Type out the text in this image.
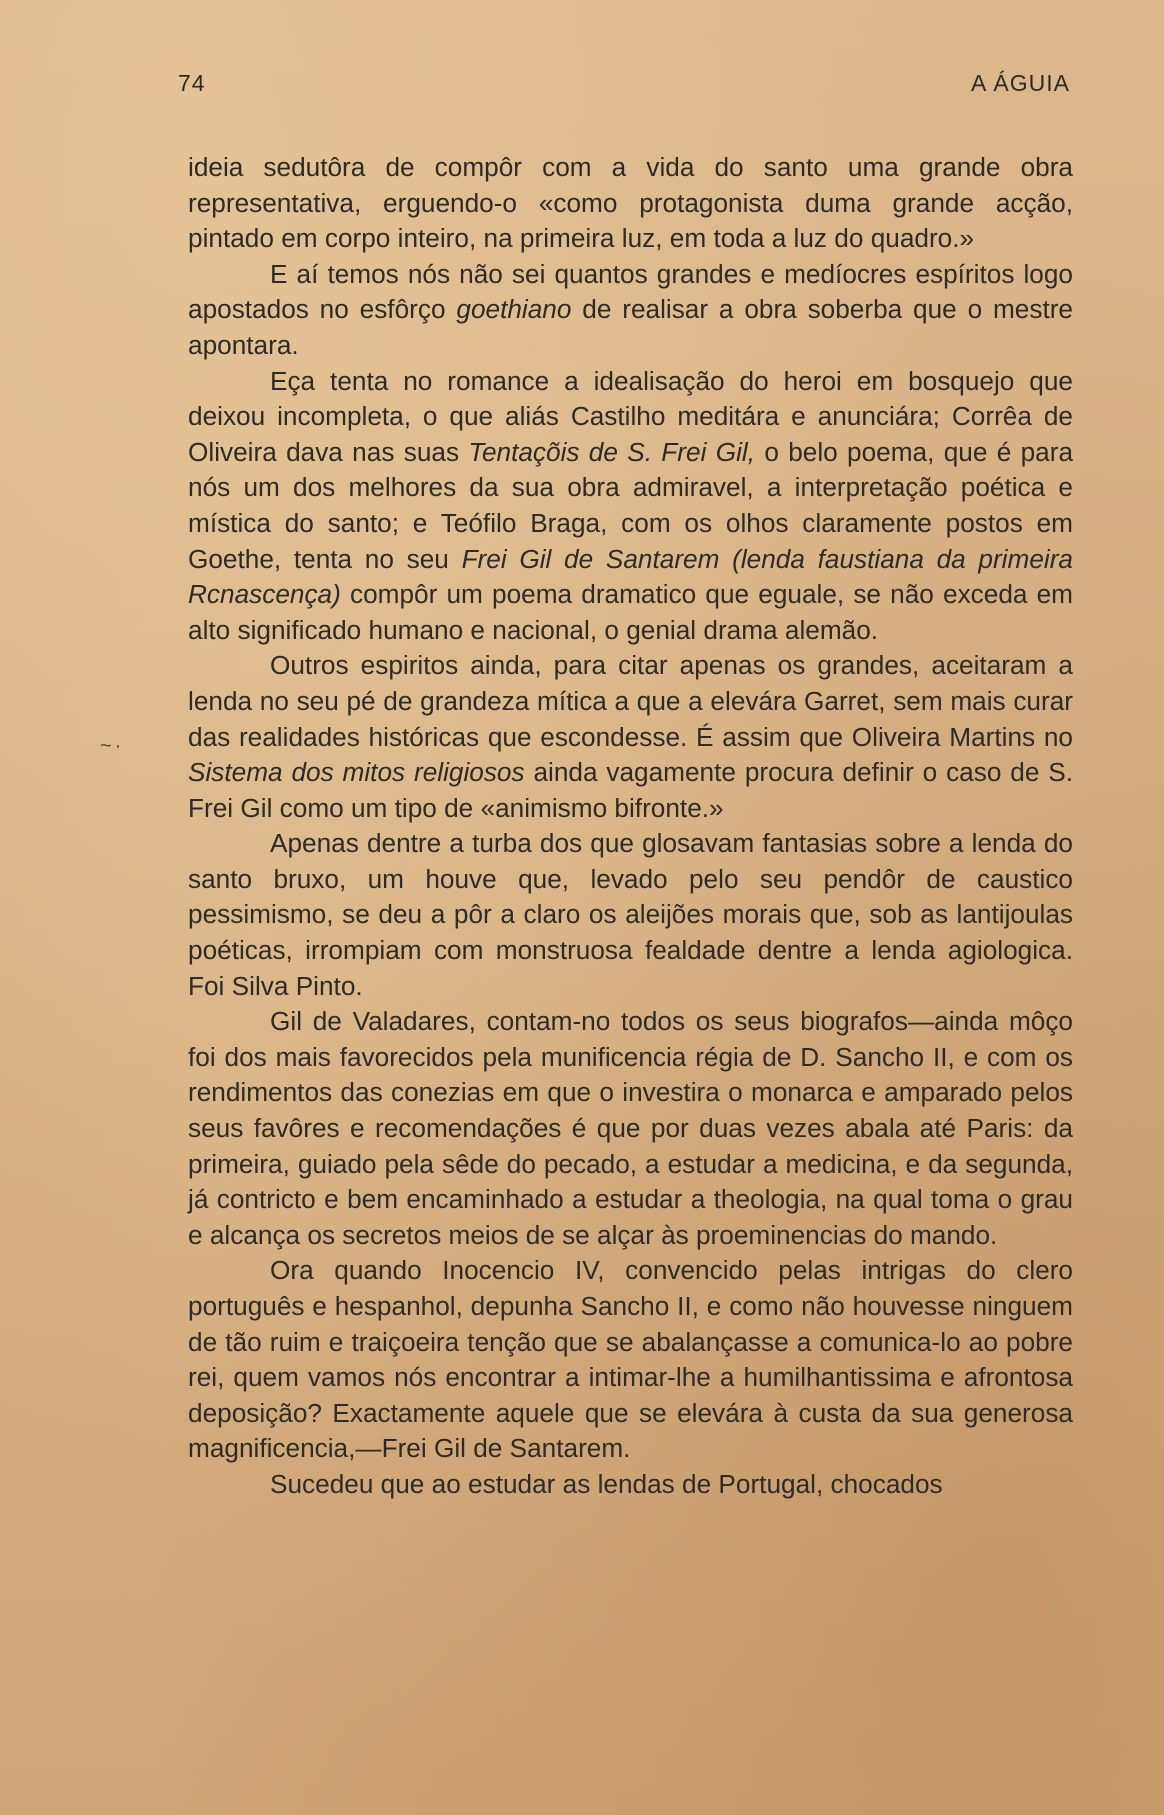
74	A ÁGUIA
~·

ideia sedutôra de compôr com a vida do santo uma grande obra representativa, erguendo-o «como protagonista duma grande acção, pintado em corpo inteiro, na primeira luz, em toda a luz do quadro.»

E aí temos nós não sei quantos grandes e medíocres espíritos logo apostados no esfôrço goethiano de realisar a obra soberba que o mestre apontara.

Eça tenta no romance a idealisação do heroi em bosquejo que deixou incompleta, o que aliás Castilho meditára e anunciára; Corrêa de Oliveira dava nas suas Tentaçõis de S. Frei Gil, o belo poema, que é para nós um dos melhores da sua obra admiravel, a interpretação poética e mística do santo; e Teófilo Braga, com os olhos claramente postos em Goethe, tenta no seu Frei Gil de Santarem (lenda faustiana da primeira Rcnascença) compôr um poema dramatico que eguale, se não exceda em alto significado humano e nacional, o genial drama alemão.

Outros espiritos ainda, para citar apenas os grandes, aceitaram a lenda no seu pé de grandeza mítica a que a elevára Garret, sem mais curar das realidades históricas que escondesse. É assim que Oliveira Martins no Sistema dos mitos religiosos ainda vagamente procura definir o caso de S. Frei Gil como um tipo de «animismo bifronte.»

Apenas dentre a turba dos que glosavam fantasias sobre a lenda do santo bruxo, um houve que, levado pelo seu pendôr de caustico pessimismo, se deu a pôr a claro os aleijões morais que, sob as lantijoulas poéticas, irrompiam com monstruosa fealdade dentre a lenda agiologica. Foi Silva Pinto.

Gil de Valadares, contam-no todos os seus biografos—ainda môço foi dos mais favorecidos pela munificencia régia de D. Sancho II, e com os rendimentos das conezias em que o investira o monarca e amparado pelos seus favôres e recomendações é que por duas vezes abala até Paris: da primeira, guiado pela sêde do pecado, a estudar a medicina, e da segunda, já contricto e bem encaminhado a estudar a theologia, na qual toma o grau e alcança os secretos meios de se alçar às proeminencias do mando.

Ora quando Inocencio IV, convencido pelas intrigas do clero português e hespanhol, depunha Sancho II, e como não houvesse ninguem de tão ruim e traiçoeira tenção que se abalançasse a comunica-lo ao pobre rei, quem vamos nós encontrar a intimar-lhe a humilhantissima e afrontosa deposição? Exactamente aquele que se elevára à custa da sua generosa magnificencia,—Frei Gil de Santarem.

Sucedeu que ao estudar as lendas de Portugal, chocados
